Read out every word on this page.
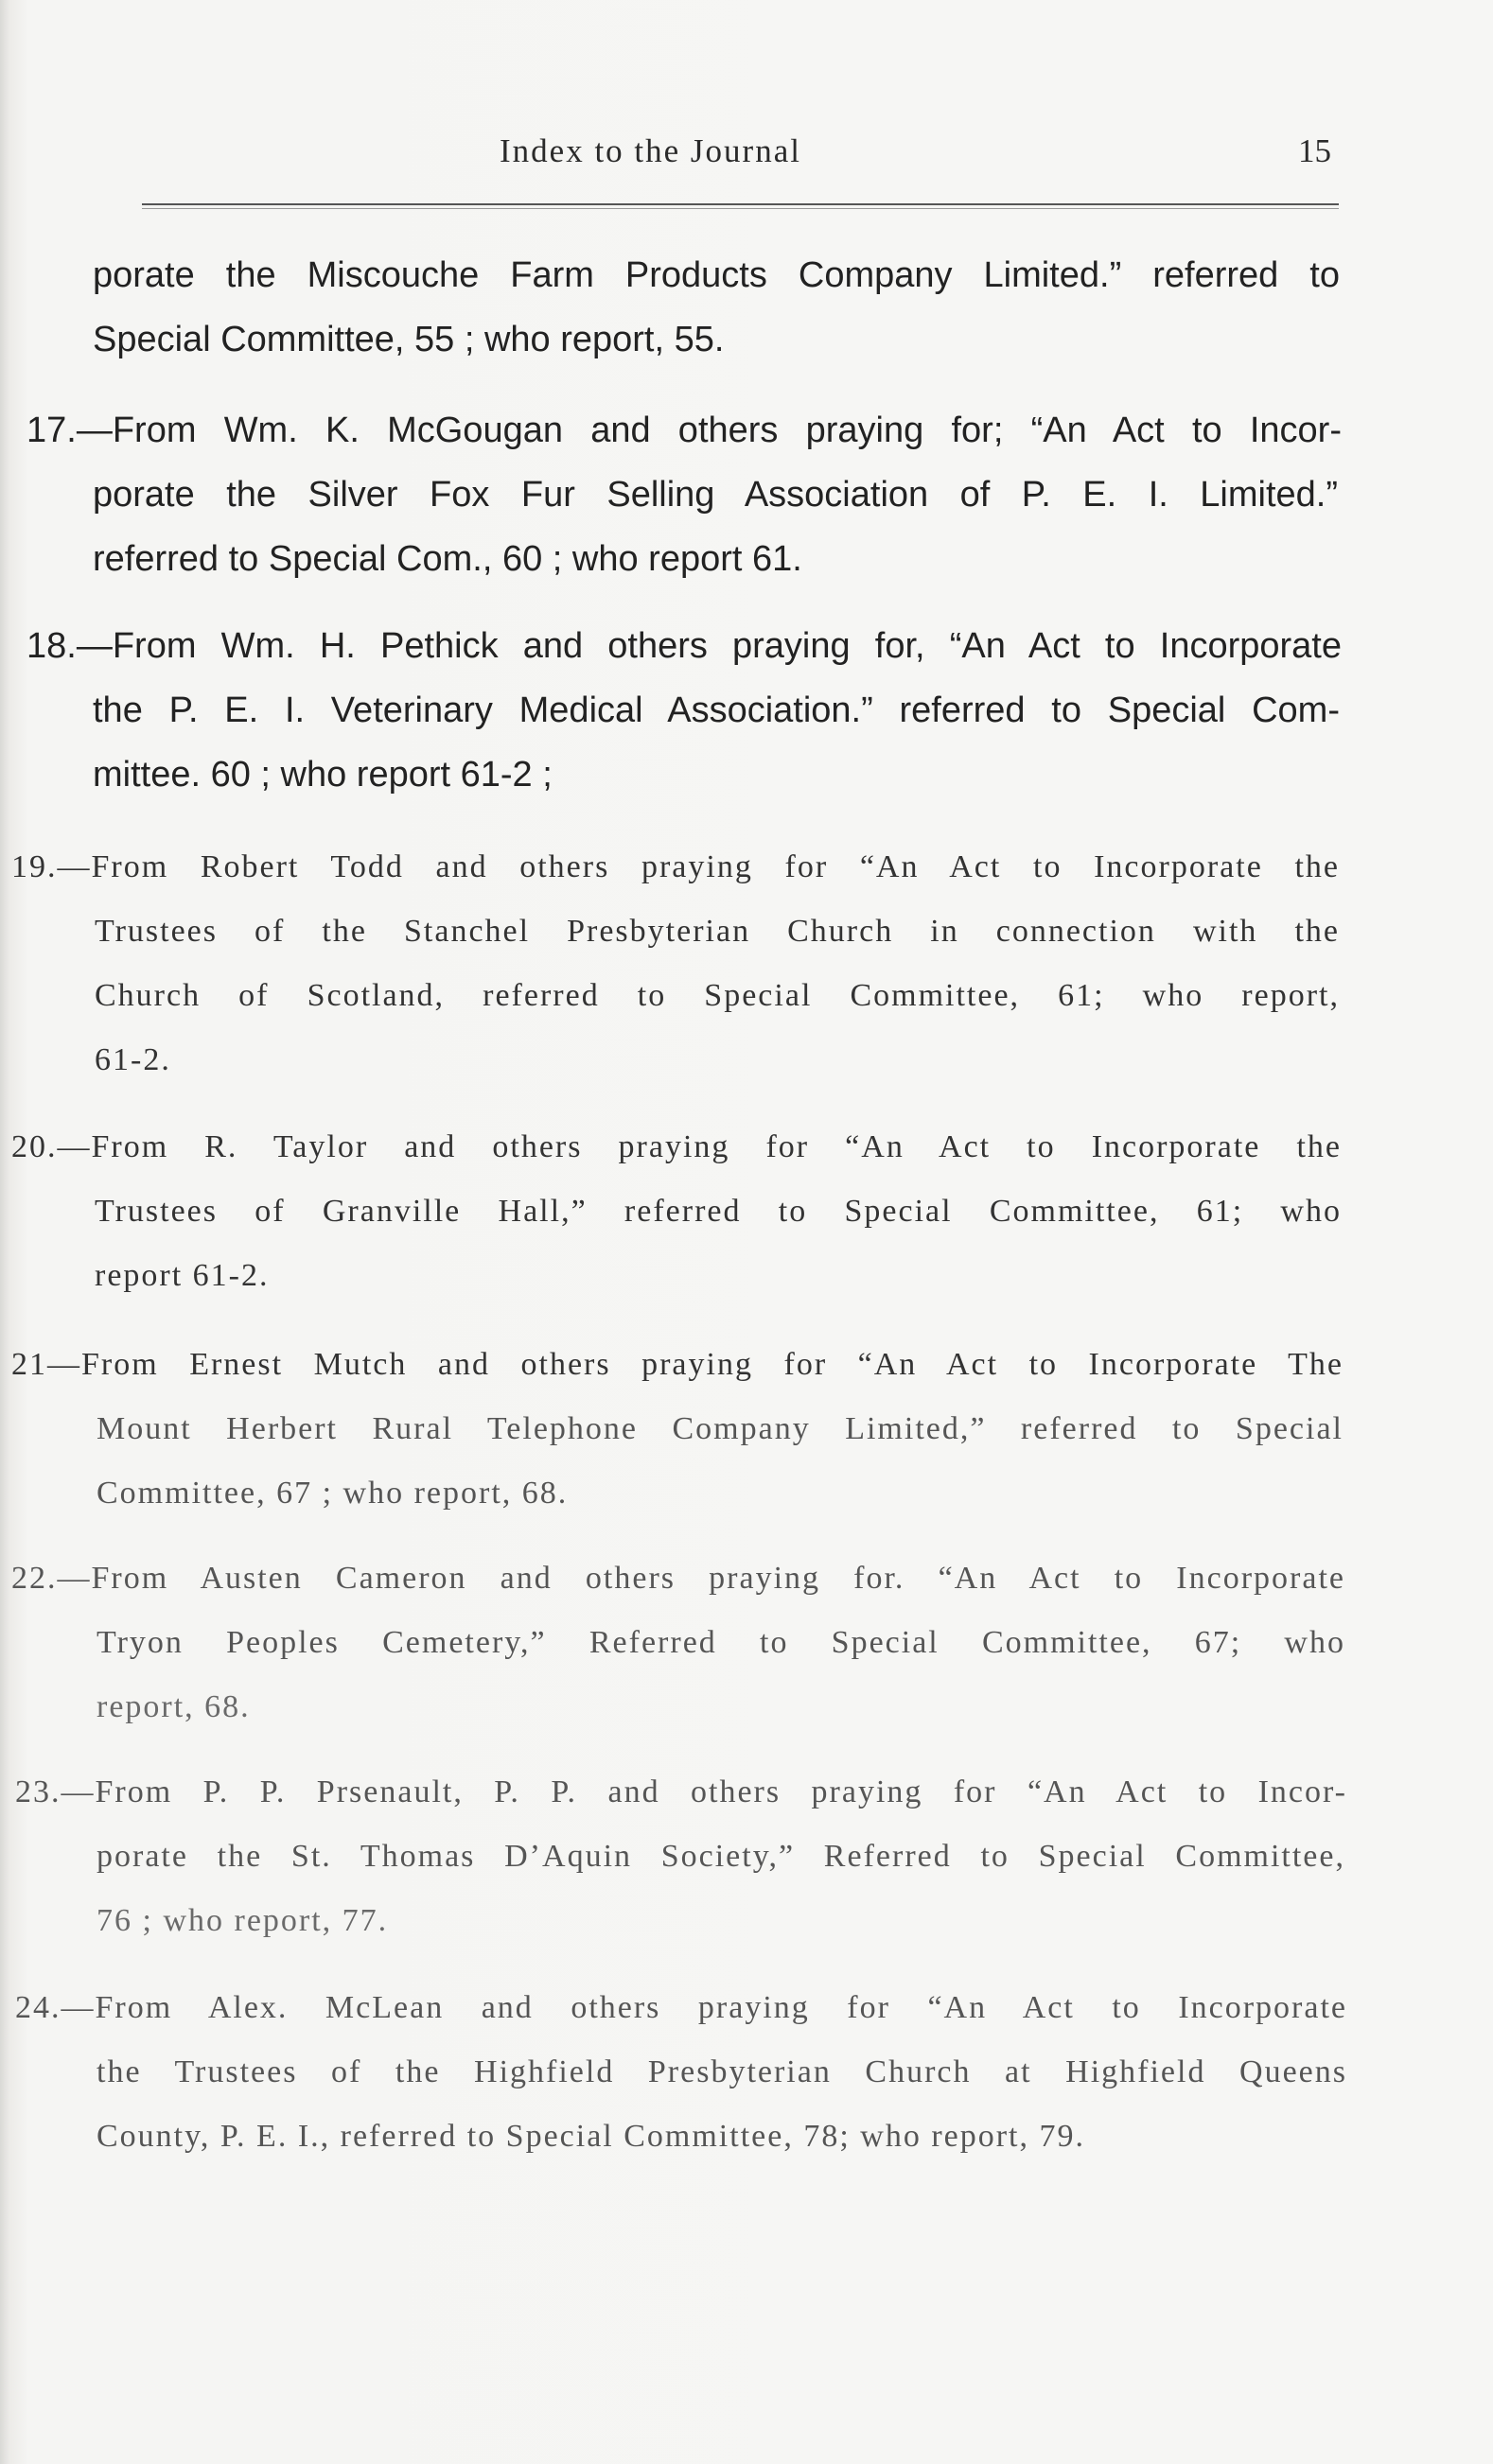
Index to the Journal	15
porate the Miscouche Farm Products Company Limited.” referred to
Special Committee, 55 ; who report, 55.
17.—From Wm. K. McGougan and others praying for; “An Act to Incor-
porate the Silver Fox Fur Selling Association of P. E. I. Limited.”
referred to Special Com., 60 ; who report 61.
18.—From Wm. H. Pethick and others praying for, “An Act to Incorporate
the P. E. I. Veterinary Medical Association.” referred to Special Com-
mittee. 60 ; who report 61-2 ;
19.—From Robert Todd and others praying for “An Act to Incorporate the
Trustees of the Stanchel Presbyterian Church in connection with the
Church of Scotland, referred to Special Committee, 61; who report,
61-2.
20.—From R. Taylor and others praying for “An Act to Incorporate the
Trustees of Granville Hall,” referred to Special Committee, 61; who
report 61-2.
21—From Ernest Mutch and others praying for “An Act to Incorporate The
Mount Herbert Rural Telephone Company Limited,” referred to Special
Committee, 67 ; who report, 68.
22.—From Austen Cameron and others praying for. “An Act to Incorporate
Tryon Peoples Cemetery,” Referred to Special Committee, 67; who
report, 68.
23.—From P. P. Prsenault, P. P. and others praying for “An Act to Incor-
porate the St. Thomas D’Aquin Society,” Referred to Special Committee,
76 ; who report, 77.
24.—From Alex. McLean and others praying for “An Act to Incorporate
the Trustees of the Highfield Presbyterian Church at Highfield Queens
County, P. E. I., referred to Special Committee, 78; who report, 79.
